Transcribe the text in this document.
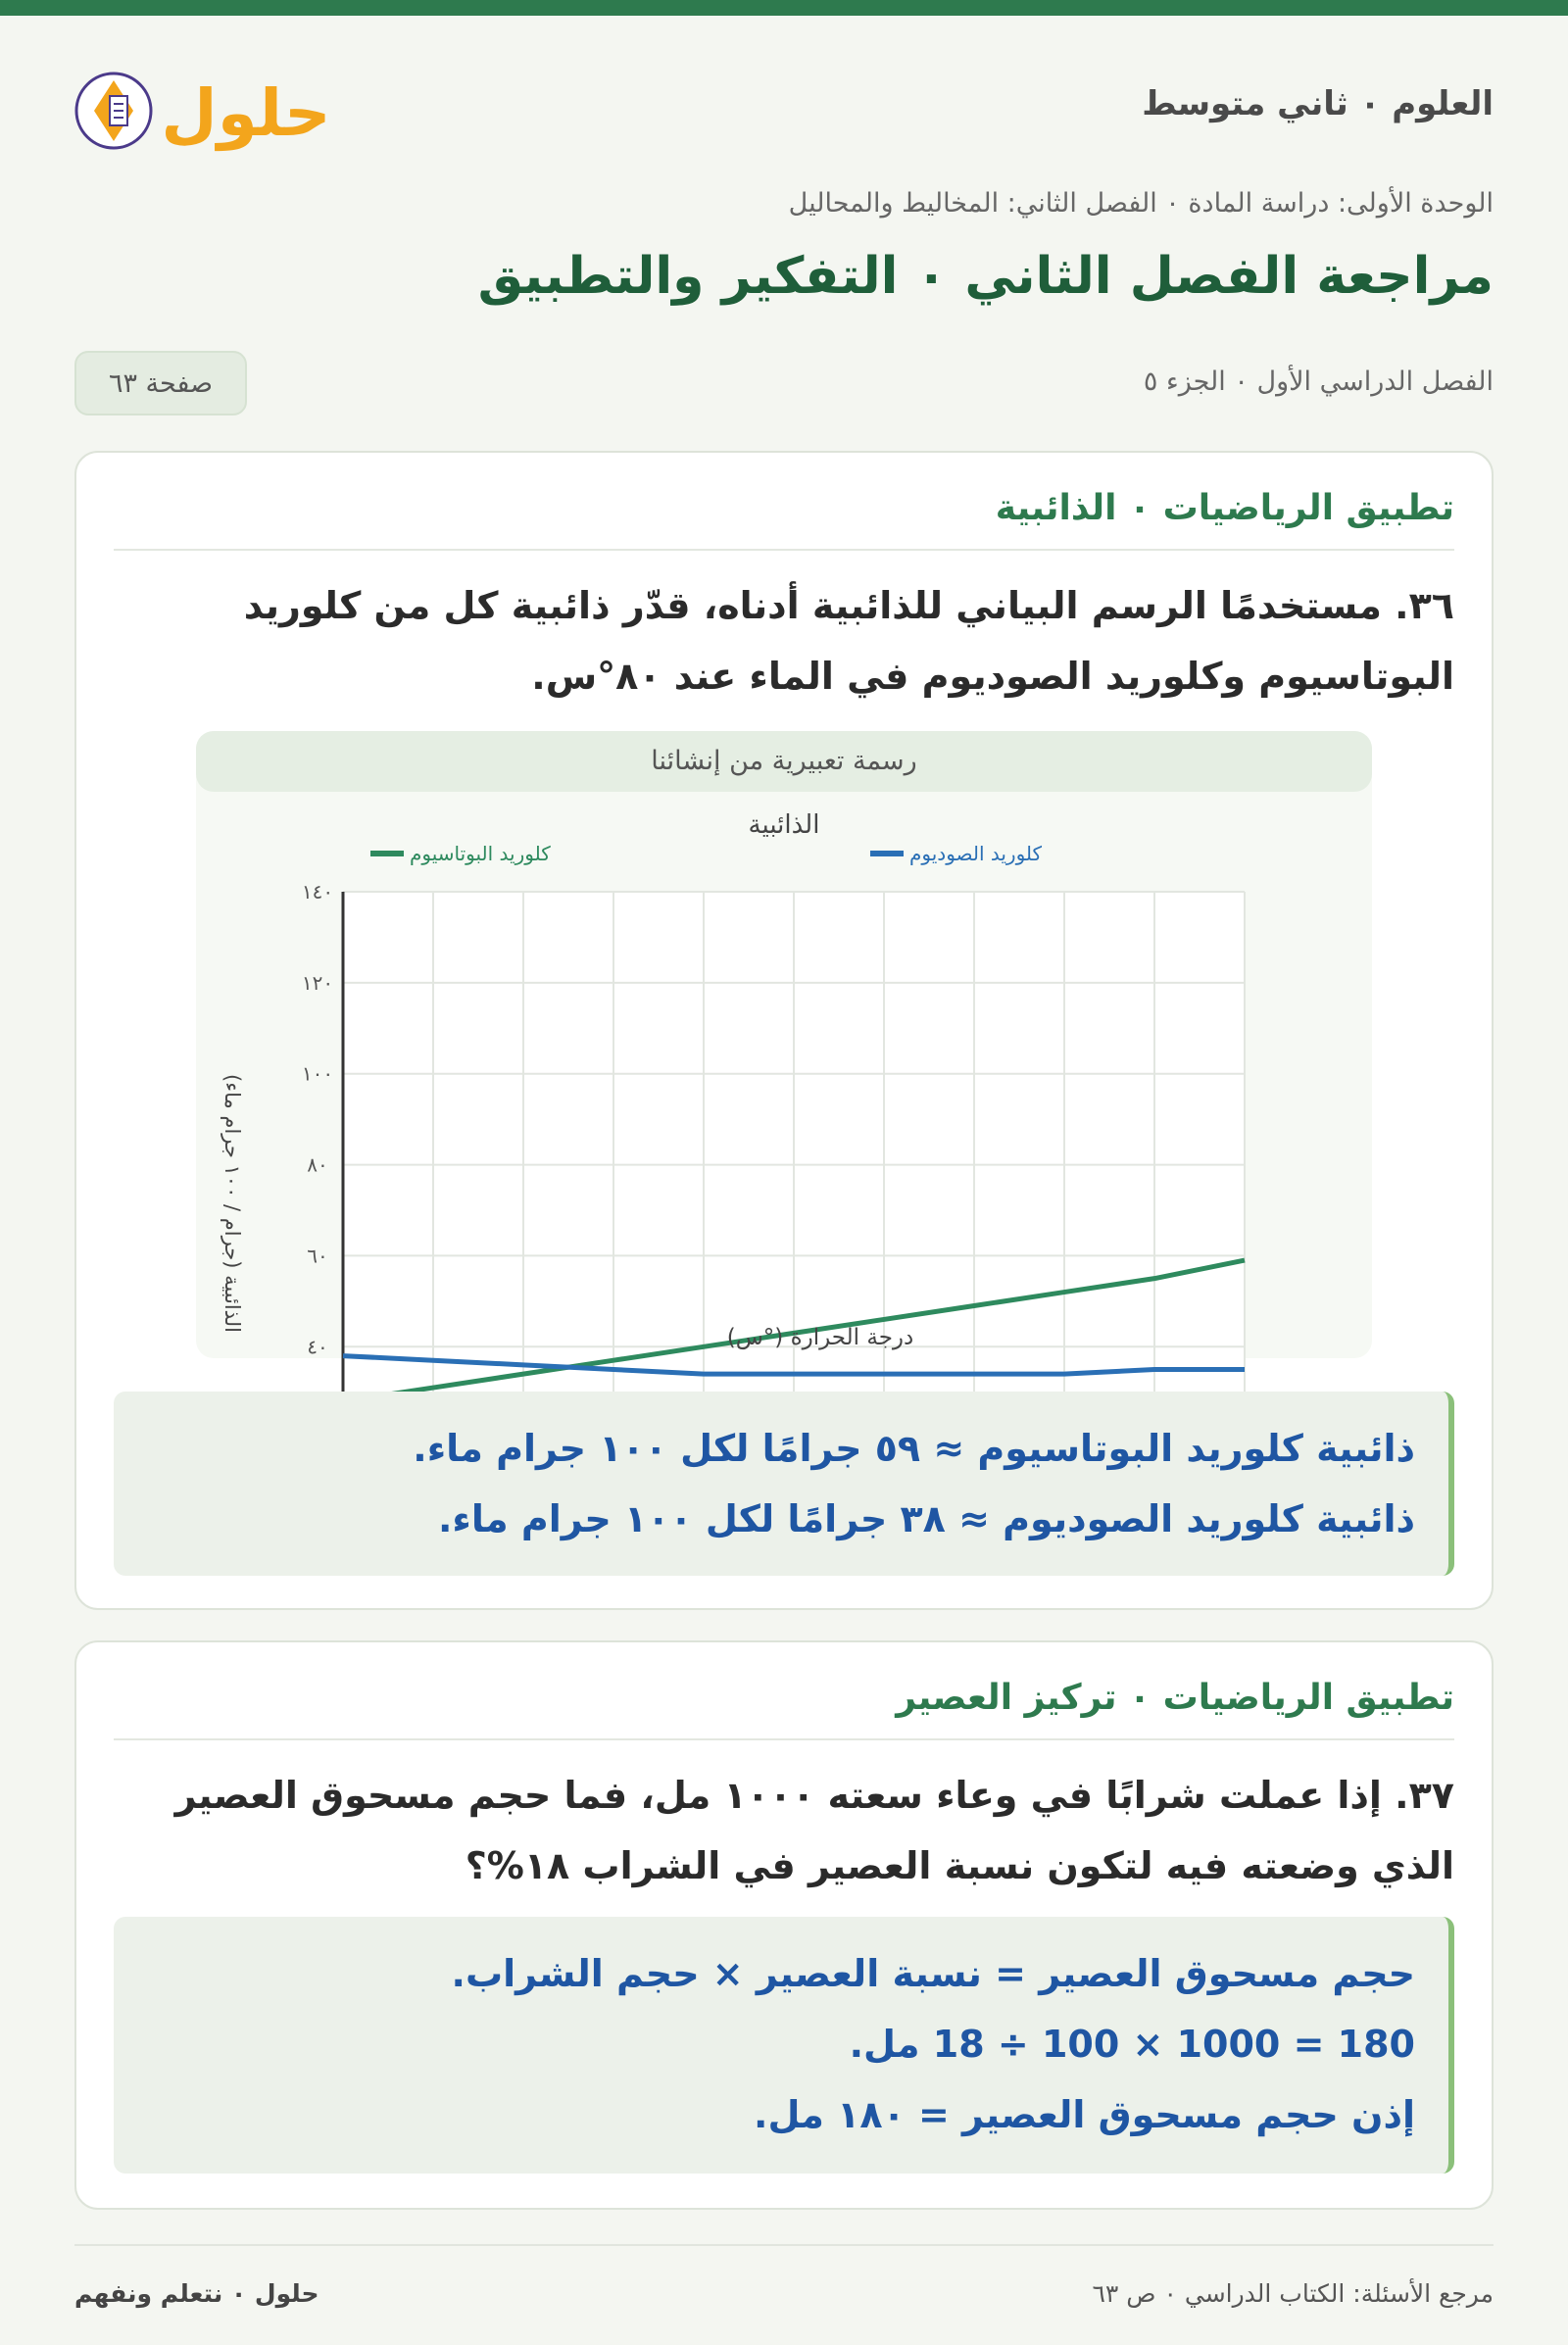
حلول	العلوم ٠ ثاني متوسط
الوحدة الأولى: دراسة المادة ٠ الفصل الثاني: المخاليط والمحاليل
مراجعة الفصل الثاني ٠ التفكير والتطبيق
الفصل الدراسي الأول ٠ الجزء ٥
صفحة ٦٣
تطبيق الرياضيات ٠ الذائبية
٣٦. مستخدمًا الرسم البياني للذائبية أدناه، قدّر ذائبية كل من كلوريد البوتاسيوم وكلوريد الصوديوم في الماء عند ٨٠°س.
رسمة تعبيرية من إنشائنا
الذائبية
كلوريد البوتاسيوم	كلوريد الصوديوم
٤٠
٦٠
٨٠
١٠٠
١٢٠
١٤٠
درجة الحرارة (°س)
الذائبية (جرام / ١٠٠ جرام ماء)

ذائبية كلوريد البوتاسيوم ≈ ٥٩ جرامًا لكل ١٠٠ جرام ماء.

ذائبية كلوريد الصوديوم ≈ ٣٨ جرامًا لكل ١٠٠ جرام ماء.

تطبيق الرياضيات ٠ تركيز العصير
٣٧. إذا عملت شرابًا في وعاء سعته ١٠٠٠ مل، فما حجم مسحوق العصير الذي وضعته فيه لتكون نسبة العصير في الشراب ١٨%؟

حجم مسحوق العصير = نسبة العصير × حجم الشراب.

180 = 1000 × 100 ÷ 18 مل.

إذن حجم مسحوق العصير = ١٨٠ مل.

مرجع الأسئلة: الكتاب الدراسي ٠ ص ٦٣
حلول ٠ نتعلم ونفهم
